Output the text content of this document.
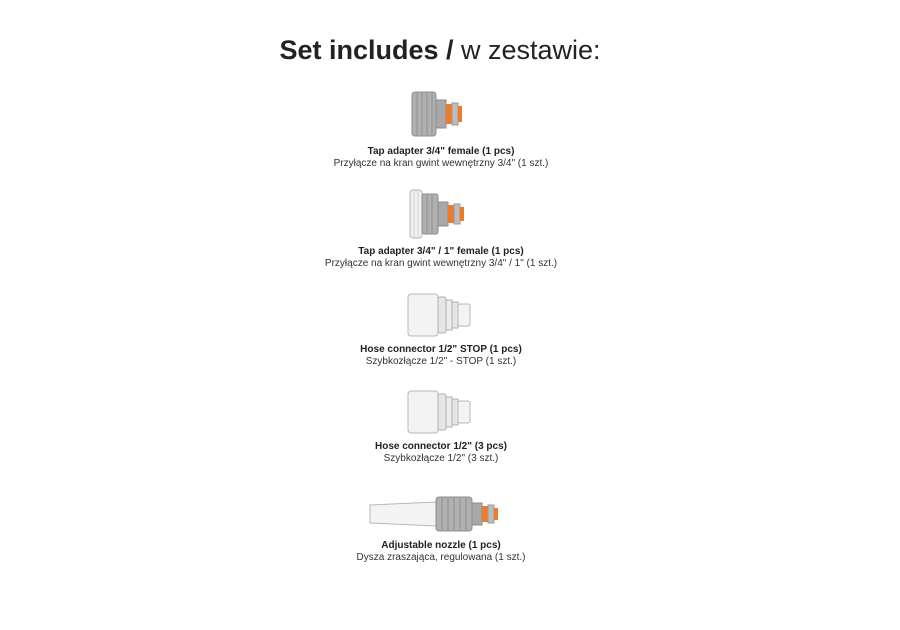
Set includes / w zestawie:
Tap adapter 3/4" female (1 pcs)
Przyłącze na kran gwint wewnętrzny 3/4" (1 szt.)
Tap adapter 3/4" / 1" female (1 pcs)
Przyłącze na kran gwint wewnętrzny 3/4" / 1" (1 szt.)
Hose connector 1/2" STOP (1 pcs)
Szybkozłącze 1/2" - STOP (1 szt.)
Hose connector 1/2" (3 pcs)
Szybkozłącze 1/2" (3 szt.)
Adjustable nozzle (1 pcs)
Dysza zraszająca, regulowana (1 szt.)
